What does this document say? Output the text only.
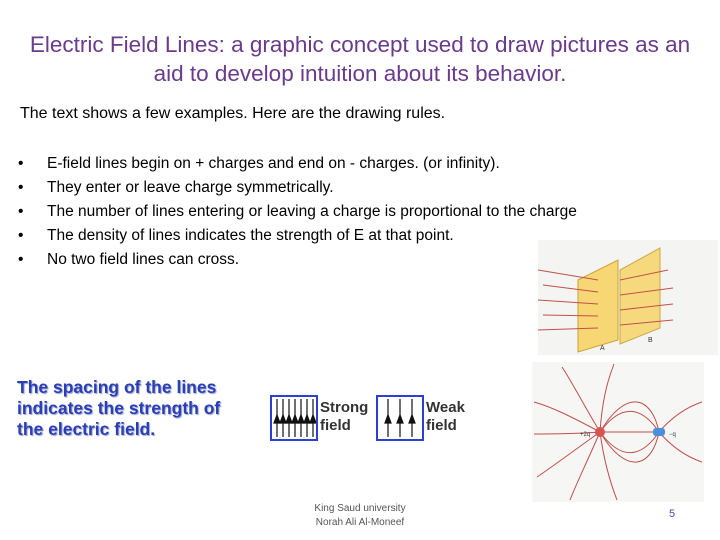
Electric Field Lines: a graphic concept used to draw pictures as an aid to develop intuition about its behavior.
The text shows a few examples. Here are the drawing rules.
• E-field lines begin on + charges and end on - charges. (or infinity).
• They enter or leave charge symmetrically.
• The number of lines entering or leaving a charge is proportional to the charge
• The density of lines indicates the strength of E at that point.
• No two field lines can cross.
A
B
The spacing of the lines
indicates the strength of
the electric field.
Strong
field
Weak
field
+2q	−q
King Saud university
Norah Ali Al-Moneef
5
